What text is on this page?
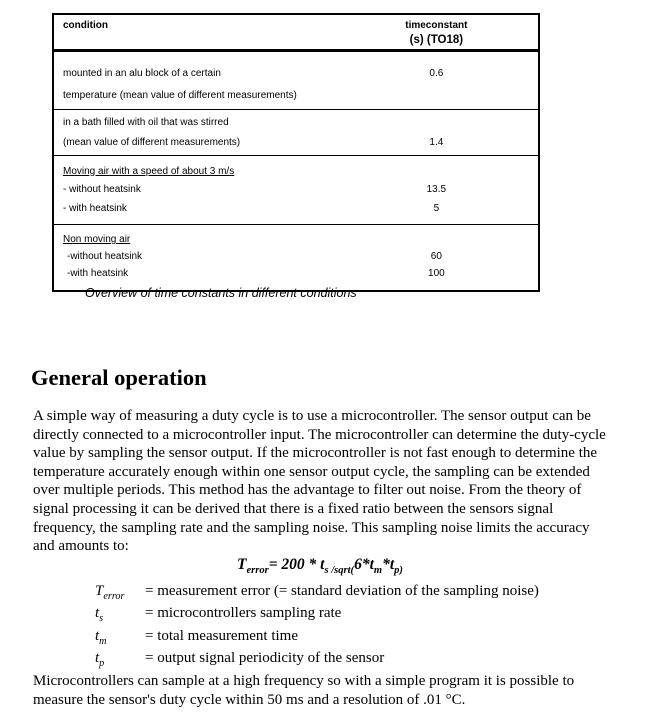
condition	timeconstant
(s) (TO18)
mounted in an alu block of a certain	0.6
temperature (mean value of different measurements)
in a bath filled with oil that was stirred
(mean value of different measurements)	1.4
Moving air with a speed of about 3 m/s
- without heatsink	13.5
- with heatsink	5
Non moving air
-without heatsink	60
-with heatsink	100
Overview of time constants in different conditions
General operation
A simple way of measuring a duty cycle is to use a microcontroller. The sensor output can be directly connected to a microcontroller input. The microcontroller can determine the duty-cycle value by sampling the sensor output. If the microcontroller is not fast enough to determine the temperature accurately enough within one sensor output cycle, the sampling can be extended over multiple periods. This method has the advantage to filter out noise. From the theory of signal processing it can be derived that there is a fixed ratio between the sensors signal frequency, the sampling rate and the sampling noise. This sampling noise limits the accuracy and amounts to:
$T_{error}= 200 * t_s$ $_{/sqrt(}6*t_m*t_{p)}$
$T_{error}$	= measurement error (= standard deviation of the sampling noise)
$t_s$	= microcontrollers sampling rate
$t_m$	= total measurement time
$t_p$	= output signal periodicity of the sensor
Microcontrollers can sample at a high frequency so with a simple program it is possible to measure the sensor's duty cycle within 50 ms and a resolution of .01 °C.
